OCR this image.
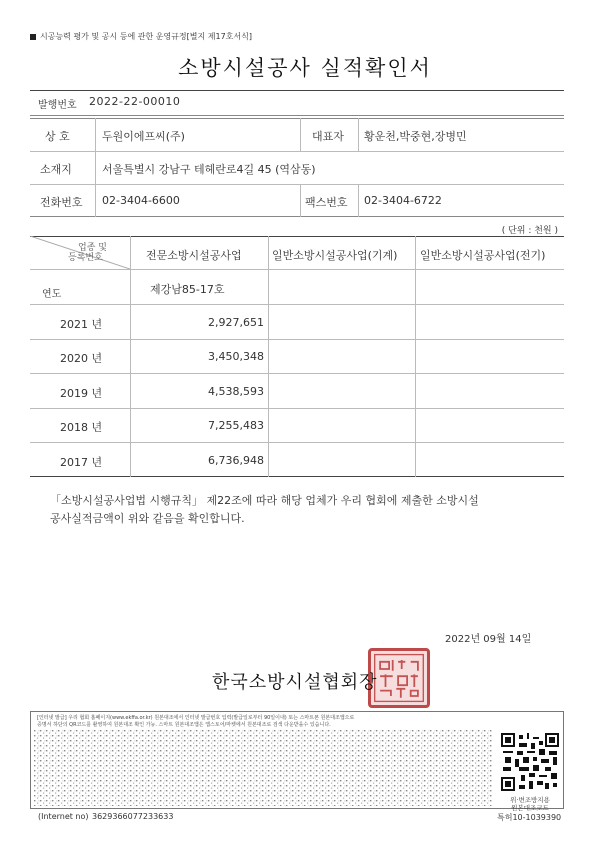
시공능력 평가 및 공시 등에 관한 운영규정[별지 제17호서식]
소방시설공사 실적확인서
발행번호 2022-22-00010
상 호	두원이에프씨(주)	대표자 황운천,박중현,장병민
소재지	서울특별시 강남구 테헤란로4길 45 (역삼동)
전화번호 02-3404-6600	팩스번호 02-3404-6722
( 단위 : 천원 )
업종 및
등록번호
연도
전문소방시설공사업	일반소방시설공사업(기계) 일반소방시설공사업(전기)
제강남85-17호
2021 년	2,927,651
2020 년	3,450,348
2019 년	4,538,593
2018 년	7,255,483
2017 년	6,736,948
「소방시설공사업법 시행규칙」 제22조에 따라 해당 업체가 우리 협회에 제출한 소방시설
공사실적금액이 위와 같음을 확인합니다.
2022년 09월 14일
한국소방시설협회장
[인터넷 발급] 우리 협회 홈페이지(www.ekffa.or.kr) 원본대조에서 인터넷 발급번호 입력(발급일로부터 90일이내) 또는 스마트폰 원본대조앱으로
증명서 하단의 QR코드를 촬영하여 원본대조 확인 가능. 스마트 원본대조앱은 앱스토어/마켓에서 원본대조로 검색 다운받을수 있습니다.
위·변조방지용
원본대조코드
(Internet no) 3629366077233633	특허10-1039390
